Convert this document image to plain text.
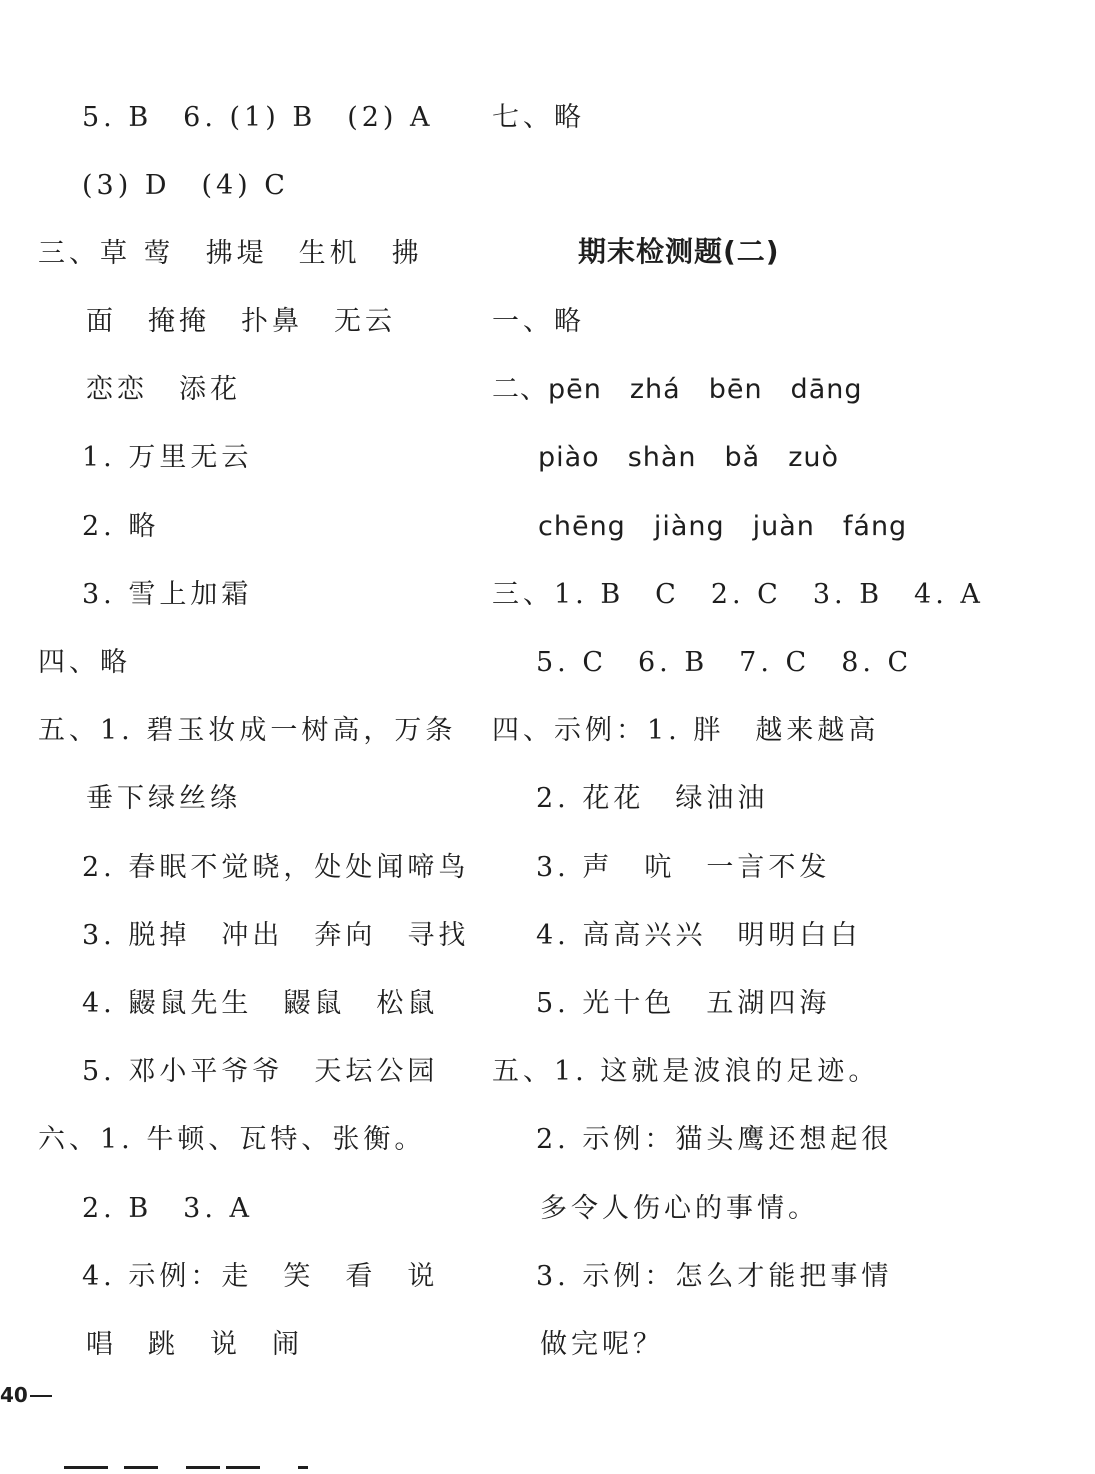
5. B　6. (1) B　(2) A
(3) D　(4) C
三、草 莺　拂堤　生机　拂
面　掩掩　扑鼻　无云
恋恋　添花
1. 万里无云
2. 略
3. 雪上加霜
四、略
五、1. 碧玉妆成一树高，万条
垂下绿丝绦
2. 春眠不觉晓，处处闻啼鸟
3. 脱掉　冲出　奔向　寻找
4. 鼹鼠先生　鼹鼠　松鼠
5. 邓小平爷爷　天坛公园
六、1. 牛顿、瓦特、张衡。
2. B　3. A
4. 示例：走　笑　看　说
唱　跳　说　闹
七、略
期末检测题(二)
一、略
二、pēn　zhá　bēn　dāng
piào　shàn　bǎ　zuò
chēng　jiàng　juàn　fáng
三、1. B　C　2. C　3. B　4. A
5. C　6. B　7. C　8. C
四、示例：1. 胖　越来越高
2. 花花　绿油油
3. 声　吭　一言不发
4. 高高兴兴　明明白白
5. 光十色　五湖四海
五、1. 这就是波浪的足迹。
2. 示例：猫头鹰还想起很
多令人伤心的事情。
3. 示例：怎么才能把事情
做完呢？
40
